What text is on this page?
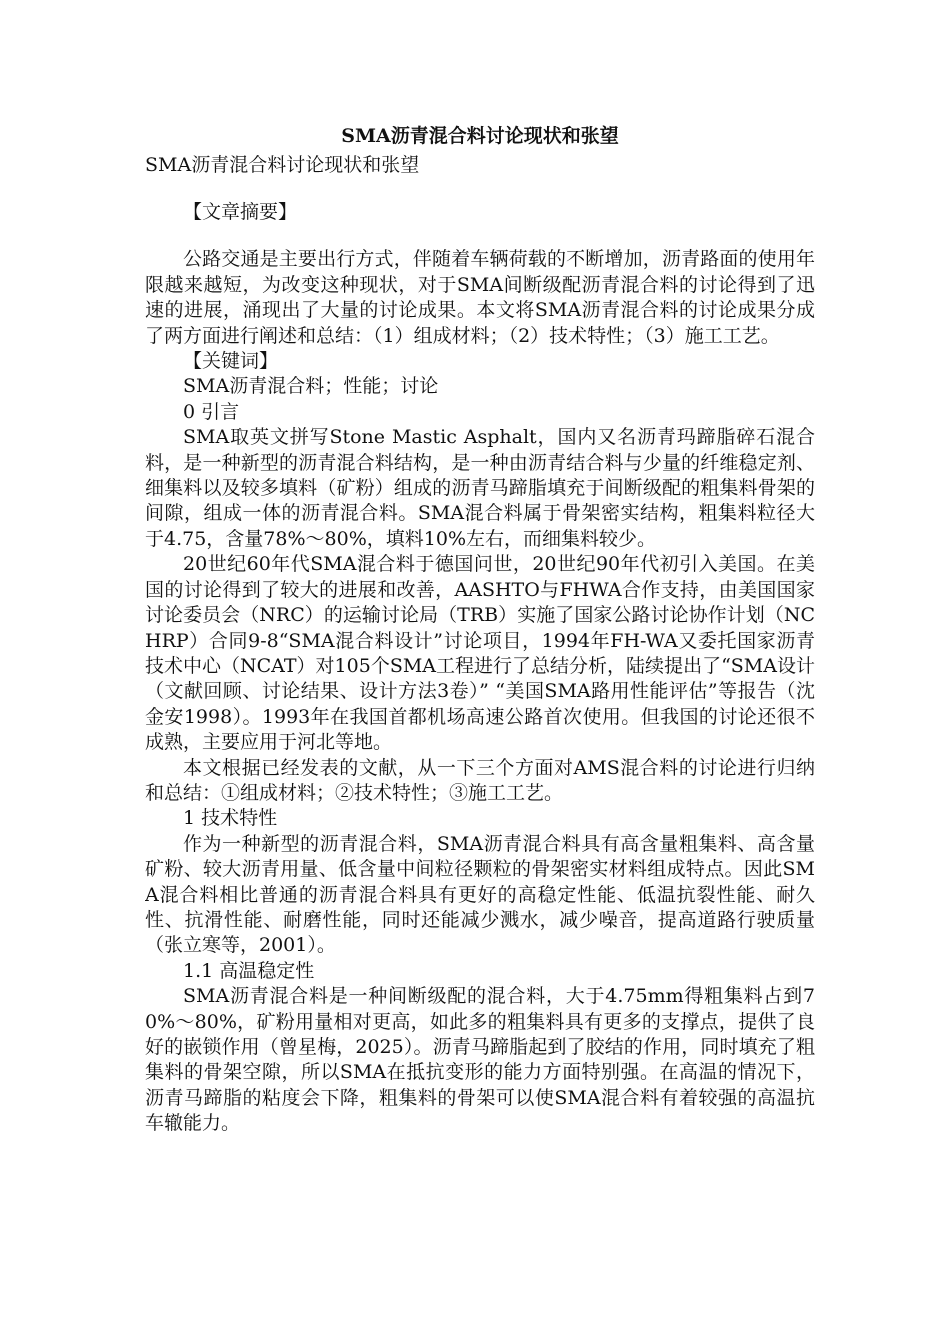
SMA沥青混合料讨论现状和张望

SMA沥青混合料讨论现状和张望

【文章摘要】

公路交通是主要出行方式，伴随着车辆荷载的不断增加，沥青路面的使用年限越来越短，为改变这种现状，对于SMA间断级配沥青混合料的讨论得到了迅速的进展，涌现出了大量的讨论成果。本文将SMA沥青混合料的讨论成果分成了两方面进行阐述和总结：（1）组成材料；（2）技术特性；（3）施工工艺。

【关键词】

SMA沥青混合料；性能；讨论

0 引言

SMA取英文拼写Stone Mastic Asphalt，国内又名沥青玛蹄脂碎石混合料，是一种新型的沥青混合料结构，是一种由沥青结合料与少量的纤维稳定剂、细集料以及较多填料（矿粉）组成的沥青马蹄脂填充于间断级配的粗集料骨架的间隙，组成一体的沥青混合料。SMA混合料属于骨架密实结构，粗集料粒径大于4.75，含量78%～80%，填料10%左右，而细集料较少。

20世纪60年代SMA混合料于德国问世，20世纪90年代初引入美国。在美国的讨论得到了较大的进展和改善，AASHTO与FHWA合作支持，由美国国家讨论委员会（NRC）的运输讨论局（TRB）实施了国家公路讨论协作计划（NCHRP）合同9-8“SMA混合料设计”讨论项目，1994年FH-WA又委托国家沥青技术中心（NCAT）对105个SMA工程进行了总结分析，陆续提出了“SMA设计（文献回顾、讨论结果、设计方法3卷）” “美国SMA路用性能评估”等报告（沈金安1998）。1993年在我国首都机场高速公路首次使用。但我国的讨论还很不成熟，主要应用于河北等地。

本文根据已经发表的文献，从一下三个方面对AMS混合料的讨论进行归纳和总结：①组成材料；②技术特性；③施工工艺。

1 技术特性

作为一种新型的沥青混合料，SMA沥青混合料具有高含量粗集料、高含量矿粉、较大沥青用量、低含量中间粒径颗粒的骨架密实材料组成特点。因此SMA混合料相比普通的沥青混合料具有更好的高稳定性能、低温抗裂性能、耐久性、抗滑性能、耐磨性能，同时还能减少溅水，减少噪音，提高道路行驶质量（张立寒等，2001）。

1.1 高温稳定性

SMA沥青混合料是一种间断级配的混合料，大于4.75mm得粗集料占到70%～80%，矿粉用量相对更高，如此多的粗集料具有更多的支撑点，提供了良好的嵌锁作用（曾星梅，2025）。沥青马蹄脂起到了胶结的作用，同时填充了粗集料的骨架空隙，所以SMA在抵抗变形的能力方面特别强。在高温的情况下，沥青马蹄脂的粘度会下降，粗集料的骨架可以使SMA混合料有着较强的高温抗车辙能力。
